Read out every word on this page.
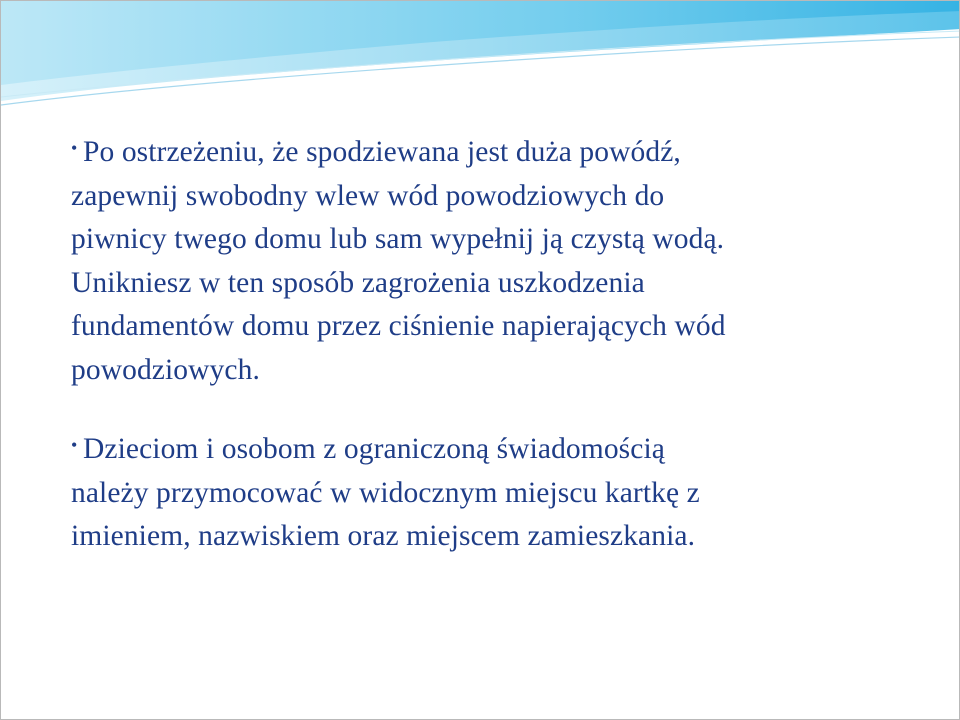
• Po ostrzeżeniu, że spodziewana jest duża powódź,
zapewnij swobodny wlew wód powodziowych do
piwnicy twego domu lub sam wypełnij ją czystą wodą.
Unikniesz w ten sposób zagrożenia uszkodzenia
fundamentów domu przez ciśnienie napierających wód
powodziowych.

• Dzieciom i osobom z ograniczoną świadomością
należy przymocować w widocznym miejscu kartkę z
imieniem, nazwiskiem oraz miejscem zamieszkania.
